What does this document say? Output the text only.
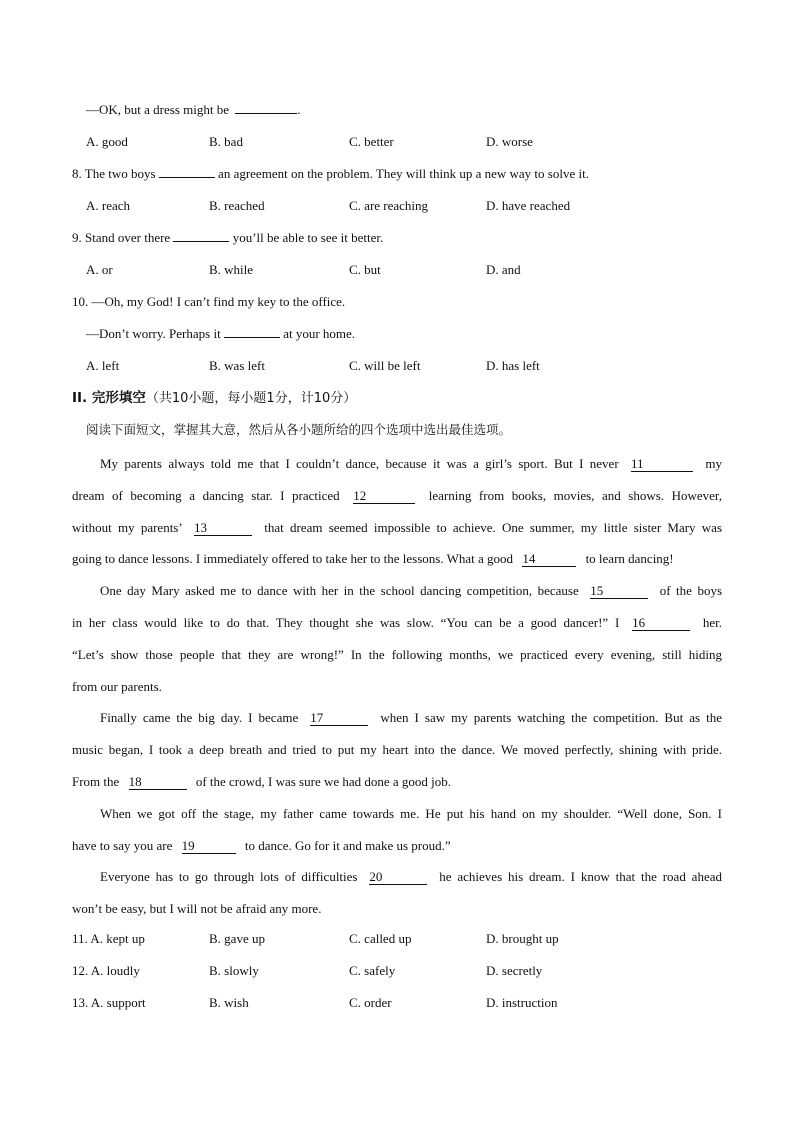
—OK, but a dress might be	.
A. good	B. bad	C. better	D. worse
8. The two boys	an agreement on the problem. They will think up a new way to solve it.
A. reach	B. reached	C. are reaching	D. have reached
9. Stand over there	you’ll be able to see it better.
A. or	B. while	C. but	D. and
10. —Oh, my God! I can’t find my key to the office.
—Don’t worry. Perhaps it	at your home.
A. left	B. was left	C. will be left	D. has left
II. 完形填空（共10小题，每小题1分，计10分）
阅读下面短文，掌握其大意，然后从各小题所给的四个选项中选出最佳选项。
My parents always told me that I couldn’t dance, because it was a girl’s sport. But I never 11	my
dream of becoming a dancing star. I practiced 12	learning from books, movies, and shows. However,
without my parents’ 13	that dream seemed impossible to achieve. One summer, my little sister Mary was
going to dance lessons. I immediately offered to take her to the lessons. What a good 14	to learn dancing!
One day Mary asked me to dance with her in the school dancing competition, because 15	of the boys
in her class would like to do that. They thought she was slow. “You can be a good dancer!” I 16	her.
“Let’s show those people that they are wrong!” In the following months, we practiced every evening, still hiding
from our parents.
Finally came the big day. I became 17	when I saw my parents watching the competition. But as the
music began, I took a deep breath and tried to put my heart into the dance. We moved perfectly, shining with pride.
From the 18	of the crowd, I was sure we had done a good job.
When we got off the stage, my father came towards me. He put his hand on my shoulder. “Well done, Son. I
have to say you are 19	to dance. Go for it and make us proud.”
Everyone has to go through lots of difficulties 20	he achieves his dream. I know that the road ahead
won’t be easy, but I will not be afraid any more.
11. A. kept up	B. gave up	C. called up	D. brought up
12. A. loudly	B. slowly	C. safely	D. secretly
13. A. support	B. wish	C. order	D. instruction
